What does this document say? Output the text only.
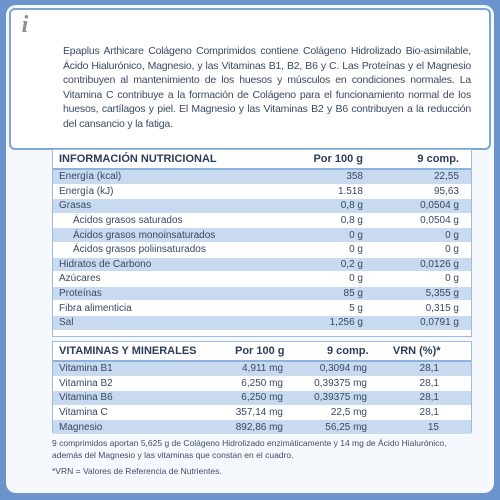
i

Epaplus Arthicare Colágeno Comprimidos contiene Colágeno Hidrolizado Bio-asimilable, Ácido Hialurónico, Magnesio, y las Vitaminas B1, B2, B6 y C. Las Proteínas y el Magnesio contribuyen al mantenimiento de los huesos y músculos en condiciones normales. La Vitamina C contribuye a la formación de Colágeno para el funcionamiento normal de los huesos, cartílagos y piel. El Magnesio y las Vitaminas B2 y B6 contribuyen a la reducción del cansancio y la fatiga.

INFORMACIÓN NUTRICIONAL	Por 100 g	9 comp.
Energía (kcal)	358	22,55
Energía (kJ)	1.518	95,63
Grasas	0,8 g	0,0504 g
Ácidos grasos saturados	0,8 g	0,0504 g
Ácidos grasos monoinsaturados	0 g	0 g
Ácidos grasos poliinsaturados	0 g	0 g
Hidratos de Carbono	0,2 g	0,0126 g
Azúcares	0 g	0 g
Proteínas	85 g	5,355 g
Fibra alimenticia	5 g	0,315 g
Sal	1,256 g	0,0791 g
VITAMINAS Y MINERALES	Por 100 g	9 comp.	VRN (%)*
Vitamina B1	4,911 mg	0,3094 mg	28,1
Vitamina B2	6,250 mg	0,39375 mg	28,1
Vitamina B6	6,250 mg	0,39375 mg	28,1
Vitamina C	357,14 mg	22,5 mg	28,1
Magnesio	892,86 mg	56,25 mg	15

9 comprimidos aportan 5,625 g de Colágeno Hidrolizado enzimáticamente y 14 mg de Ácido Hialurónico, además del Magnesio y las vitaminas que constan en el cuadro.

*VRN = Valores de Referencia de Nutrientes.
